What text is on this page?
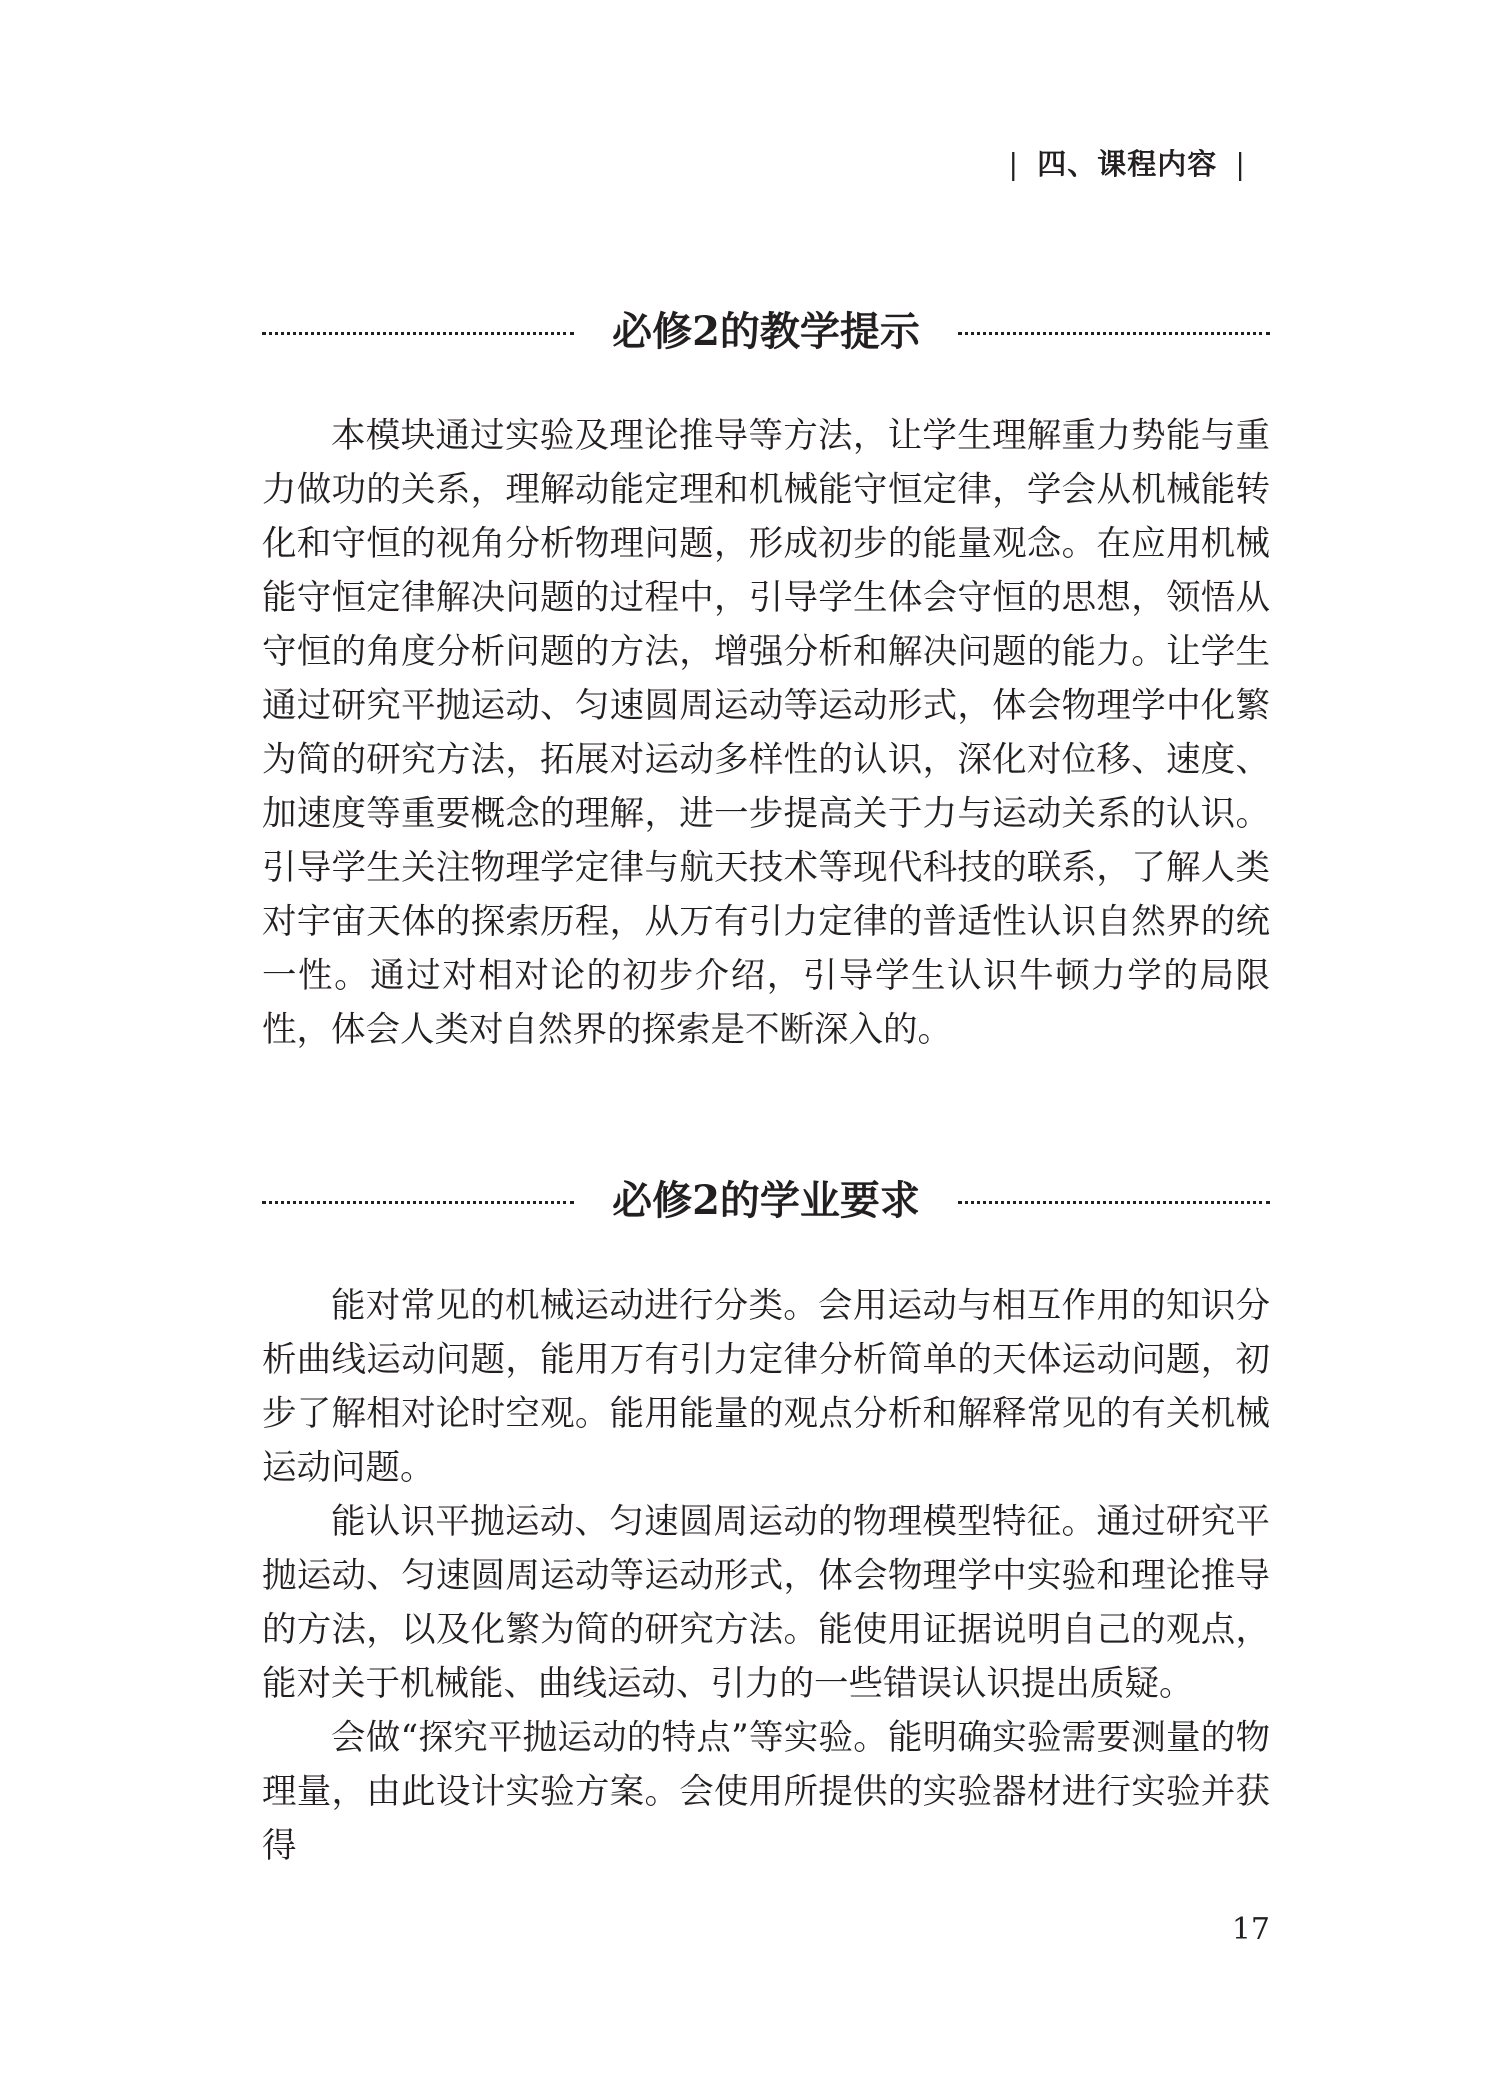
| 四、课程内容 |
必修2的教学提示

本模块通过实验及理论推导等方法，让学生理解重力势能与重力做功的关系，理解动能定理和机械能守恒定律，学会从机械能转化和守恒的视角分析物理问题，形成初步的能量观念。在应用机械能守恒定律解决问题的过程中，引导学生体会守恒的思想，领悟从守恒的角度分析问题的方法，增强分析和解决问题的能力。让学生通过研究平抛运动、匀速圆周运动等运动形式，体会物理学中化繁为简的研究方法，拓展对运动多样性的认识，深化对位移、速度、加速度等重要概念的理解，进一步提高关于力与运动关系的认识。引导学生关注物理学定律与航天技术等现代科技的联系，了解人类对宇宙天体的探索历程，从万有引力定律的普适性认识自然界的统一性。通过对相对论的初步介绍，引导学生认识牛顿力学的局限性，体会人类对自然界的探索是不断深入的。

必修2的学业要求

能对常见的机械运动进行分类。会用运动与相互作用的知识分析曲线运动问题，能用万有引力定律分析简单的天体运动问题，初步了解相对论时空观。能用能量的观点分析和解释常见的有关机械运动问题。

能认识平抛运动、匀速圆周运动的物理模型特征。通过研究平抛运动、匀速圆周运动等运动形式，体会物理学中实验和理论推导的方法，以及化繁为简的研究方法。能使用证据说明自己的观点，能对关于机械能、曲线运动、引力的一些错误认识提出质疑。

会做“探究平抛运动的特点”等实验。能明确实验需要测量的物理量，由此设计实验方案。会使用所提供的实验器材进行实验并获得

17
